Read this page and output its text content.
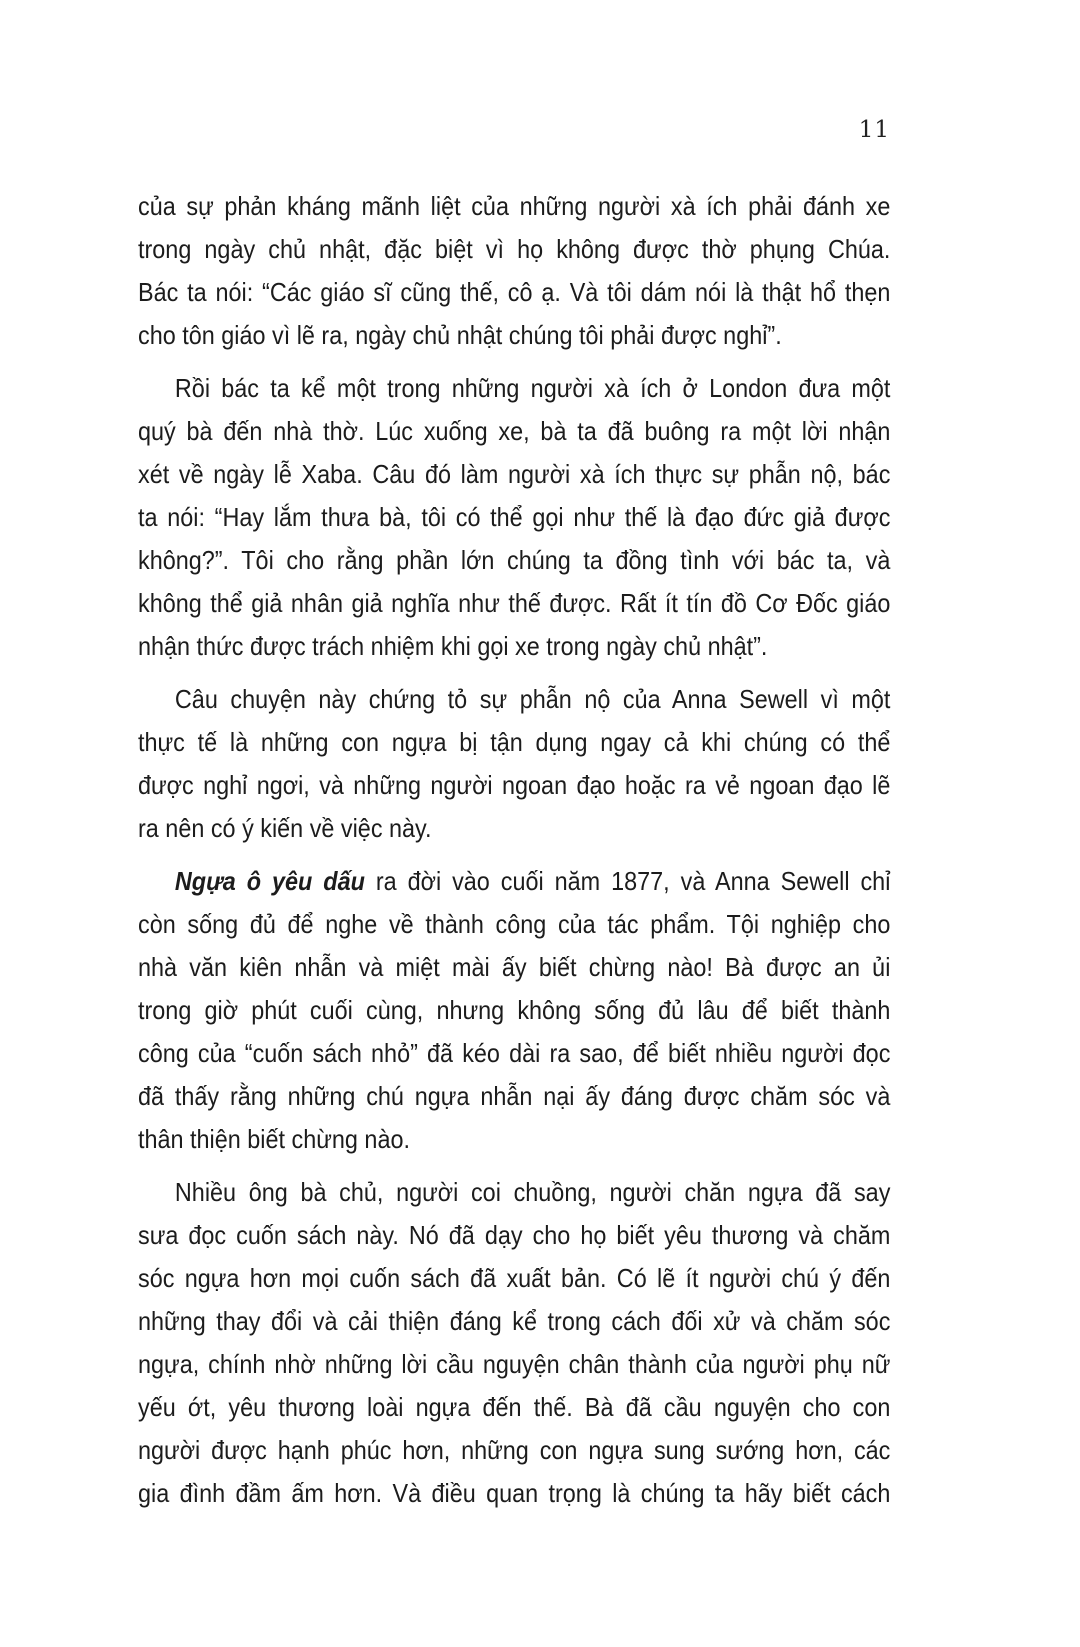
11

của sự phản kháng mãnh liệt của những người xà ích phải đánh xe
trong ngày chủ nhật, đặc biệt vì họ không được thờ phụng Chúa.
Bác ta nói: “Các giáo sĩ cũng thế, cô ạ. Và tôi dám nói là thật hổ thẹn
cho tôn giáo vì lẽ ra, ngày chủ nhật chúng tôi phải được nghỉ”.

Rồi bác ta kể một trong những người xà ích ở London đưa một
quý bà đến nhà thờ. Lúc xuống xe, bà ta đã buông ra một lời nhận
xét về ngày lễ Xaba. Câu đó làm người xà ích thực sự phẫn nộ, bác
ta nói: “Hay lắm thưa bà, tôi có thể gọi như thế là đạo đức giả được
không?”. Tôi cho rằng phần lớn chúng ta đồng tình với bác ta, và
không thể giả nhân giả nghĩa như thế được. Rất ít tín đồ Cơ Đốc giáo
nhận thức được trách nhiệm khi gọi xe trong ngày chủ nhật”.

Câu chuyện này chứng tỏ sự phẫn nộ của Anna Sewell vì một
thực tế là những con ngựa bị tận dụng ngay cả khi chúng có thể
được nghỉ ngơi, và những người ngoan đạo hoặc ra vẻ ngoan đạo lẽ
ra nên có ý kiến về việc này.

Ngựa ô yêu dấu ra đời vào cuối năm 1877, và Anna Sewell chỉ
còn sống đủ để nghe về thành công của tác phẩm. Tội nghiệp cho
nhà văn kiên nhẫn và miệt mài ấy biết chừng nào! Bà được an ủi
trong giờ phút cuối cùng, nhưng không sống đủ lâu để biết thành
công của “cuốn sách nhỏ” đã kéo dài ra sao, để biết nhiều người đọc
đã thấy rằng những chú ngựa nhẫn nại ấy đáng được chăm sóc và
thân thiện biết chừng nào.

Nhiều ông bà chủ, người coi chuồng, người chăn ngựa đã say
sưa đọc cuốn sách này. Nó đã dạy cho họ biết yêu thương và chăm
sóc ngựa hơn mọi cuốn sách đã xuất bản. Có lẽ ít người chú ý đến
những thay đổi và cải thiện đáng kể trong cách đối xử và chăm sóc
ngựa, chính nhờ những lời cầu nguyện chân thành của người phụ nữ
yếu ớt, yêu thương loài ngựa đến thế. Bà đã cầu nguyện cho con
người được hạnh phúc hơn, những con ngựa sung sướng hơn, các
gia đình đầm ấm hơn. Và điều quan trọng là chúng ta hãy biết cách
